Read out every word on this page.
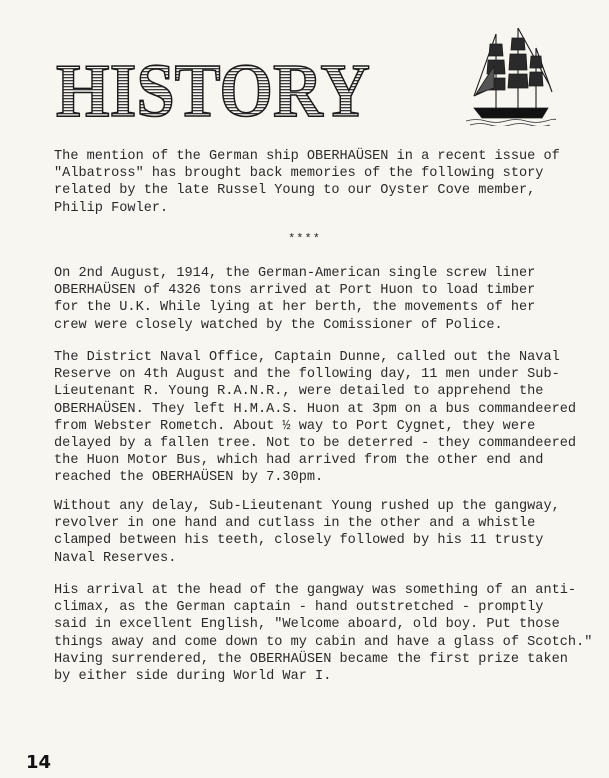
HISTORY

The mention of the German ship OBERHAÜSEN in a recent issue of
"Albatross" has brought back memories of the following story
related by the late Russel Young to our Oyster Cove member,
Philip Fowler.

****

On 2nd August, 1914, the German-American single screw liner
OBERHAÜSEN of 4326 tons arrived at Port Huon to load timber
for the U.K. While lying at her berth, the movements of her
crew were closely watched by the Comissioner of Police.

The District Naval Office, Captain Dunne, called out the Naval
Reserve on 4th August and the following day, 11 men under Sub-
Lieutenant R. Young R.A.N.R., were detailed to apprehend the
OBERHAÜSEN. They left H.M.A.S. Huon at 3pm on a bus commandeered
from Webster Rometch. About ½ way to Port Cygnet, they were
delayed by a fallen tree. Not to be deterred - they commandeered
the Huon Motor Bus, which had arrived from the other end and
reached the OBERHAÜSEN by 7.30pm.

Without any delay, Sub-Lieutenant Young rushed up the gangway,
revolver in one hand and cutlass in the other and a whistle
clamped between his teeth, closely followed by his 11 trusty
Naval Reserves.

His arrival at the head of the gangway was something of an anti-
climax, as the German captain - hand outstretched - promptly
said in excellent English, "Welcome aboard, old boy. Put those
things away and come down to my cabin and have a glass of Scotch."
Having surrendered, the OBERHAÜSEN became the first prize taken
by either side during World War I.

14
